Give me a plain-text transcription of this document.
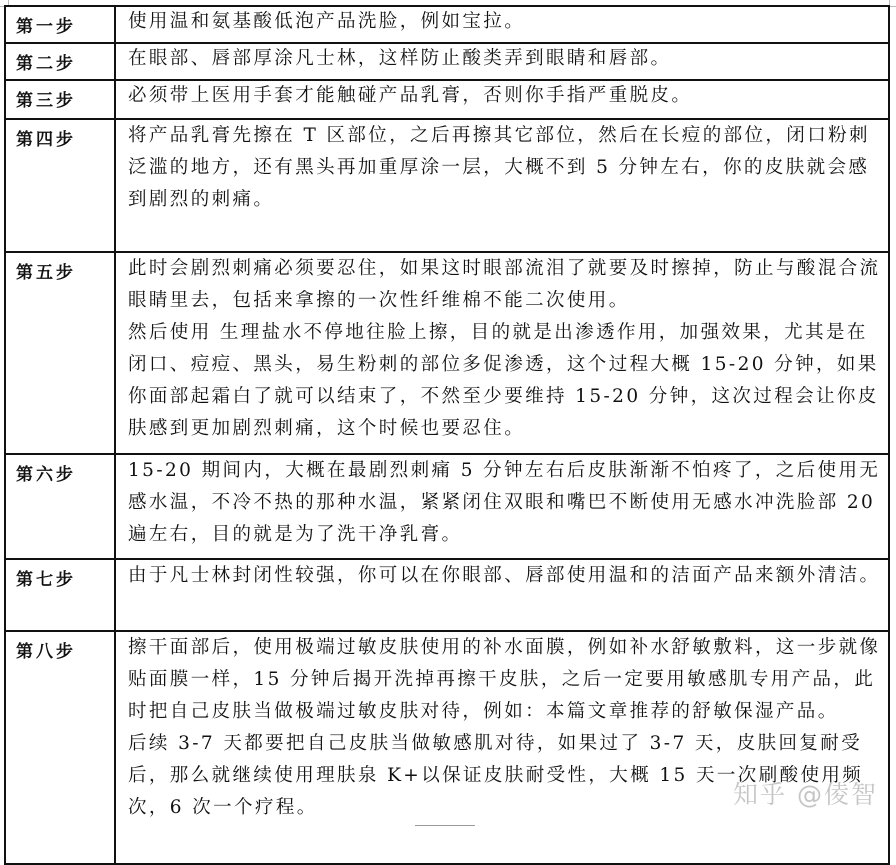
第一步	使用温和氨基酸低泡产品洗脸，例如宝拉。

第二步	在眼部、唇部厚涂凡士林，这样防止酸类弄到眼睛和唇部。

第三步	必须带上医用手套才能触碰产品乳膏，否则你手指严重脱皮。

第四步	将产品乳膏先擦在 T 区部位，之后再擦其它部位，然后在长痘的部位，闭口粉刺泛滥的地方，还有黑头再加重厚涂一层，大概不到 5 分钟左右，你的皮肤就会感到剧烈的刺痛。

第五步	此时会剧烈刺痛必须要忍住，如果这时眼部流泪了就要及时擦掉，防止与酸混合流眼睛里去，包括来拿擦的一次性纤维棉不能二次使用。

然后使用 生理盐水不停地往脸上擦，目的就是出渗透作用，加强效果，尤其是在闭口、痘痘、黑头，易生粉刺的部位多促渗透，这个过程大概 15-20 分钟，如果你面部起霜白了就可以结束了，不然至少要维持 15-20 分钟，这次过程会让你皮肤感到更加剧烈刺痛，这个时候也要忍住。

第六步	15-20 期间内，大概在最剧烈刺痛 5 分钟左右后皮肤渐渐不怕疼了，之后使用无感水温，不冷不热的那种水温，紧紧闭住双眼和嘴巴不断使用无感水冲洗脸部 20 遍左右，目的就是为了洗干净乳膏。

第七步	由于凡士林封闭性较强，你可以在你眼部、唇部使用温和的洁面产品来额外清洁。

第八步	擦干面部后，使用极端过敏皮肤使用的补水面膜，例如补水舒敏敷料，这一步就像贴面膜一样，15 分钟后揭开洗掉再擦干皮肤，之后一定要用敏感肌专用产品，此时把自己皮肤当做极端过敏皮肤对待，例如：本篇文章推荐的舒敏保湿产品。

后续 3-7 天都要把自己皮肤当做敏感肌对待，如果过了 3-7 天，皮肤回复耐受后，那么就继续使用理肤泉 K+以保证皮肤耐受性，大概 15 天一次刷酸使用频次，6 次一个疗程。	知乎 @倰智
